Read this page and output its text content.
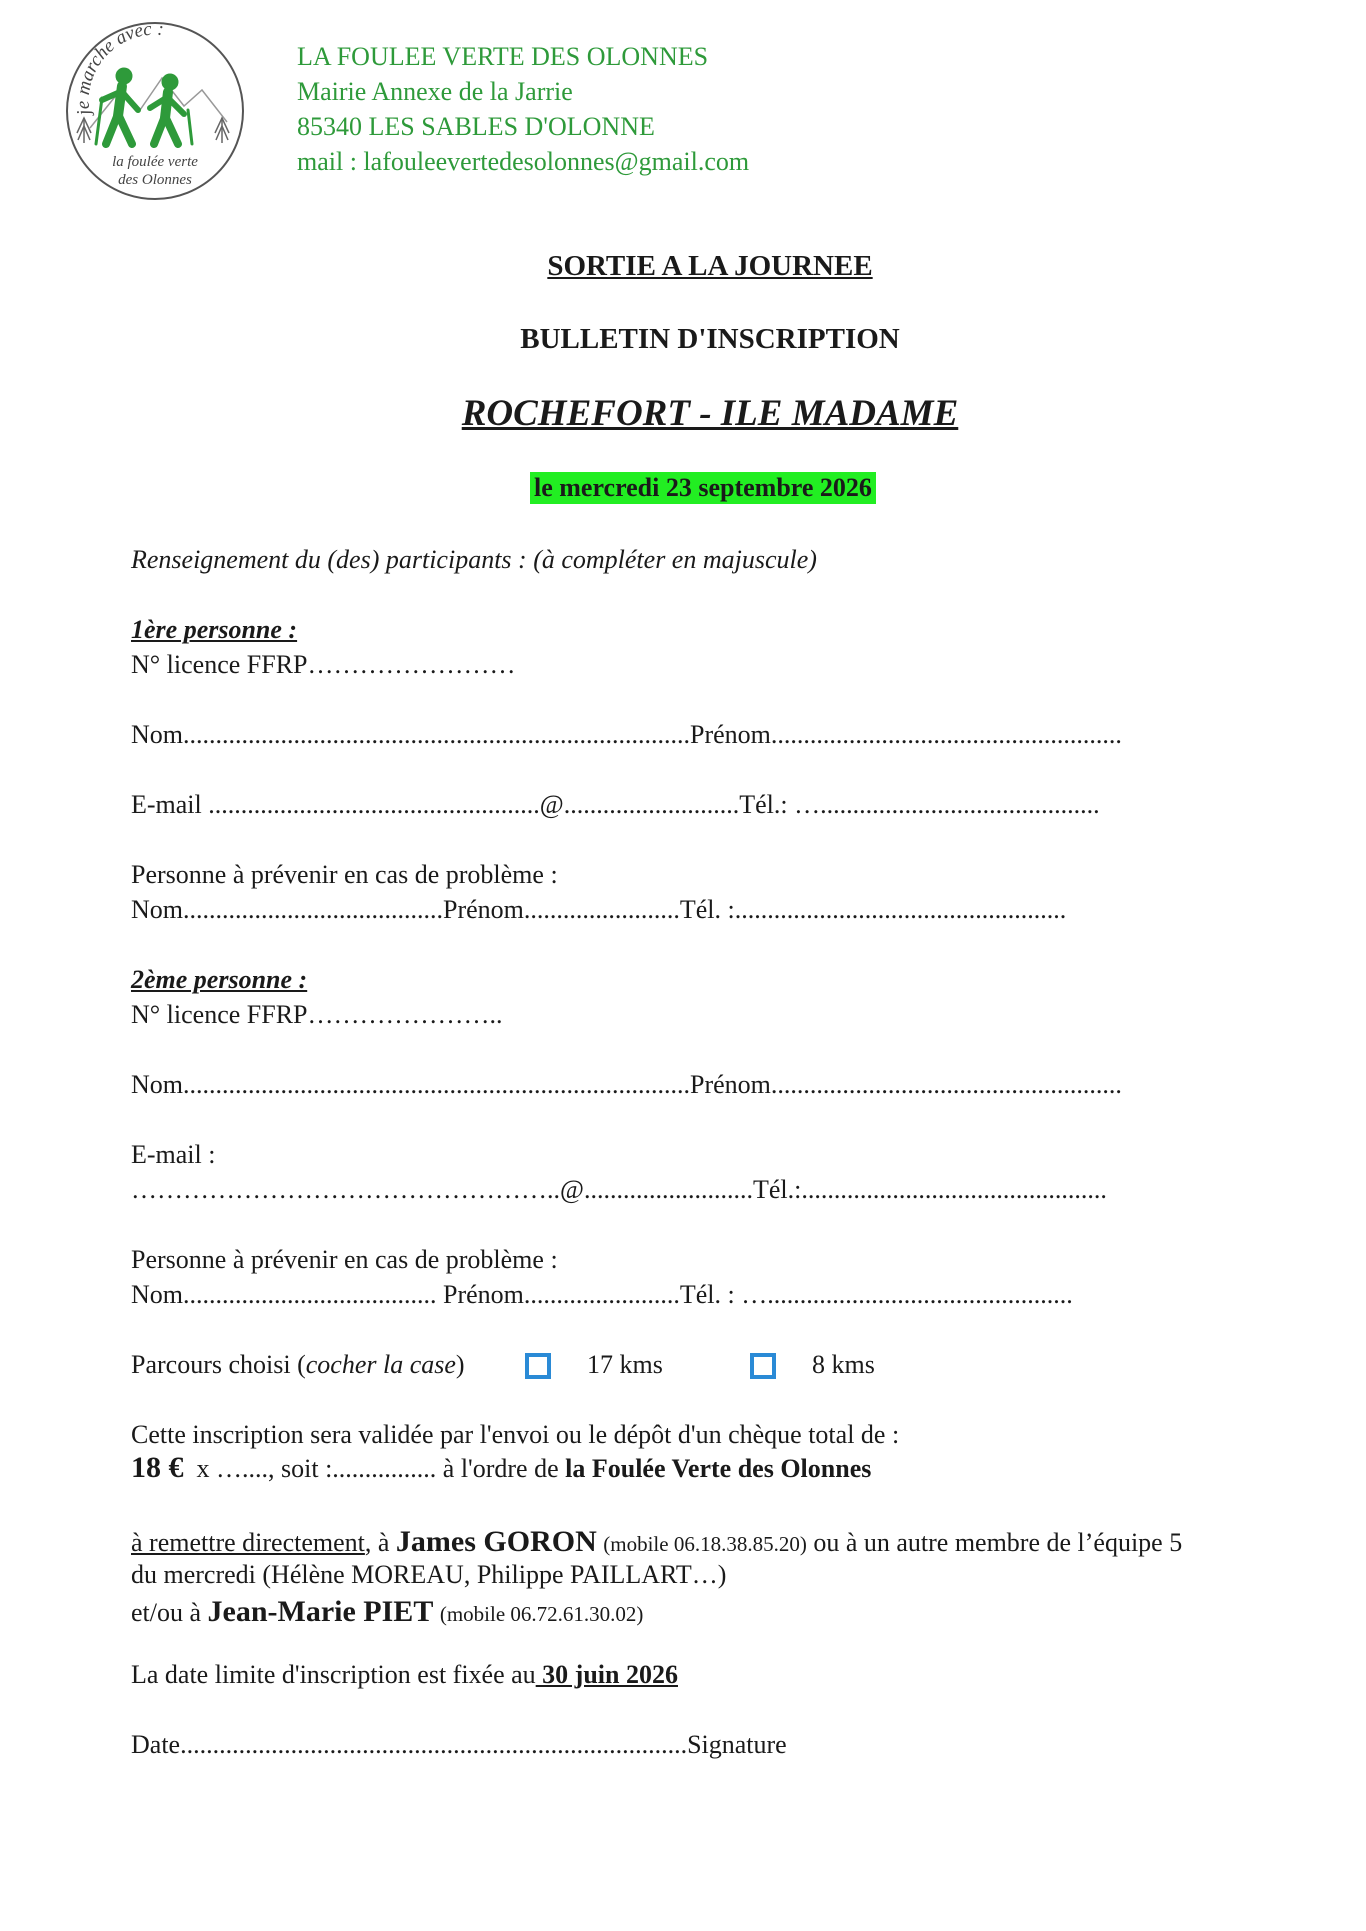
je marche avec :
la foulée verte
des Olonnes
LA FOULEE VERTE DES OLONNES
Mairie Annexe de la Jarrie
85340 LES SABLES D'OLONNE
mail : lafouleevertedesolonnes@gmail.com
SORTIE A LA JOURNEE
BULLETIN D'INSCRIPTION
ROCHEFORT - ILE MADAME
le mercredi 23 septembre 2026
Renseignement du (des) participants : (à compléter en majuscule)
1ère personne :
N° licence FFRP……………………
Nom..............................................................................Prénom......................................................
E-mail ...................................................@...........................Tél.: …...........................................
Personne à prévenir en cas de problème :
Nom........................................Prénom........................Tél. :...................................................
2ème personne :
N° licence FFRP…………………..
Nom..............................................................................Prénom......................................................
E-mail :
…………………………………………..@..........................Tél.:...............................................
Personne à prévenir en cas de problème :
Nom....................................... Prénom........................Tél. : …...............................................
Parcours choisi (cocher la case)	17 kms	8 kms
Cette inscription sera validée par l'envoi ou le dépôt d'un chèque total de :
18 € x …...., soit :................ à l'ordre de la Foulée Verte des Olonnes
à remettre directement, à James GORON (mobile 06.18.38.85.20) ou à un autre membre de l’équipe 5
du mercredi (Hélène MOREAU, Philippe PAILLART…)
et/ou à Jean-Marie PIET (mobile 06.72.61.30.02)
La date limite d'inscription est fixée au 30 juin 2026
Date..............................................................................Signature
